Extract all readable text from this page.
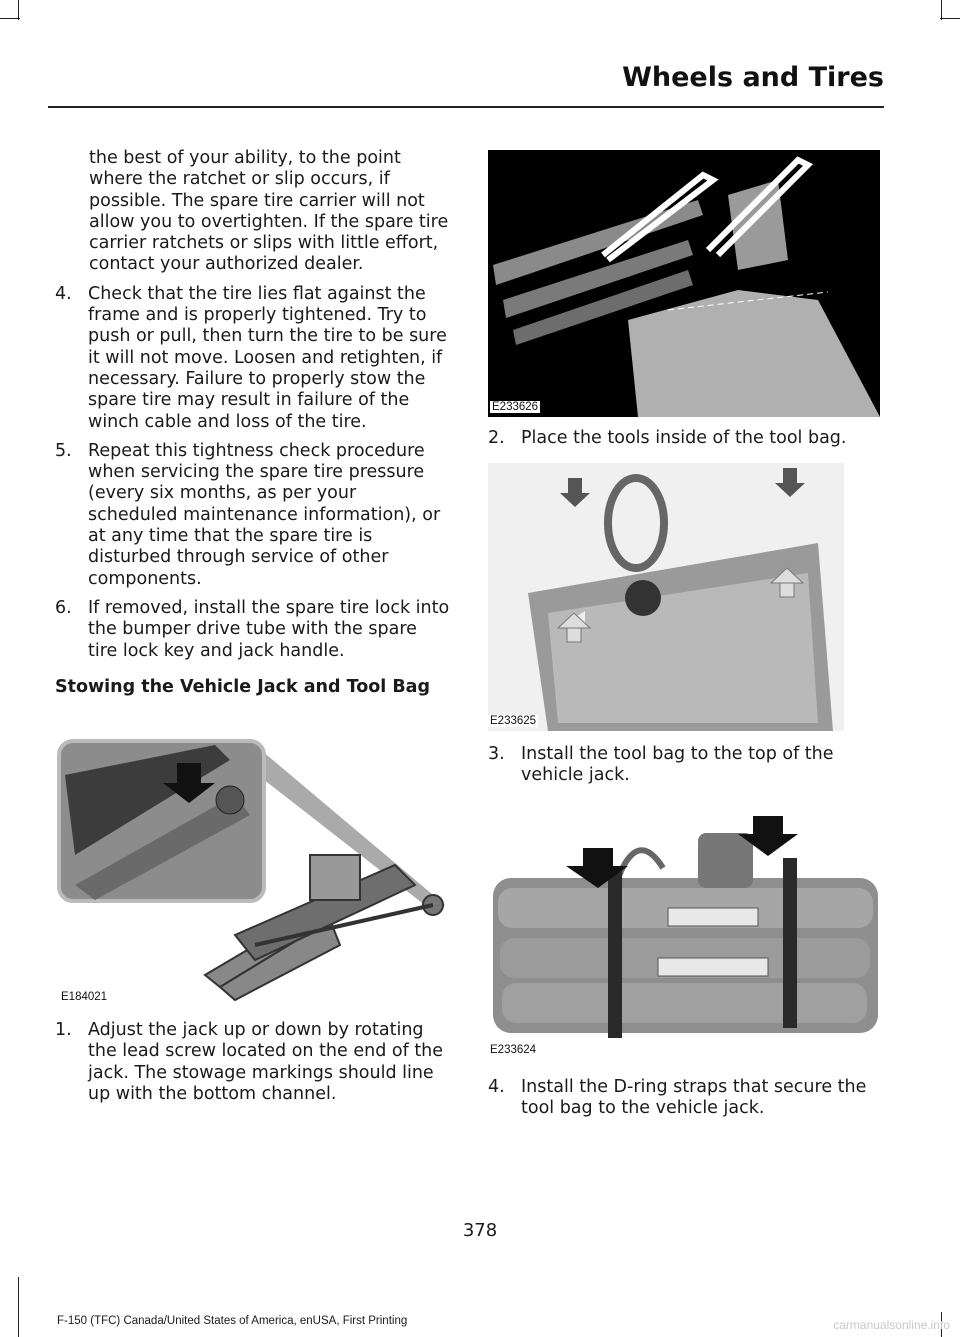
Wheels and Tires

the best of your ability, to the point where the ratchet or slip occurs, if possible. The spare tire carrier will not allow you to overtighten. If the spare tire carrier ratchets or slips with little effort, contact your authorized dealer.

4. Check that the tire lies flat against the frame and is properly tightened. Try to push or pull, then turn the tire to be sure it will not move. Loosen and retighten, if necessary. Failure to properly stow the spare tire may result in failure of the winch cable and loss of the tire.

5. Repeat this tightness check procedure when servicing the spare tire pressure (every six months, as per your scheduled maintenance information), or at any time that the spare tire is disturbed through service of other components.

6. If removed, install the spare tire lock into the bumper drive tube with the spare tire lock key and jack handle.

Stowing the Vehicle Jack and Tool Bag

E184021

1. Adjust the jack up or down by rotating the lead screw located on the end of the jack. The stowage markings should line up with the bottom channel.

E233626

2. Place the tools inside of the tool bag.

E233625

3. Install the tool bag to the top of the vehicle jack.

E233624

4. Install the D-ring straps that secure the tool bag to the vehicle jack.

378
F-150 (TFC) Canada/United States of America, enUSA, First Printing	carmanualsonline.info
